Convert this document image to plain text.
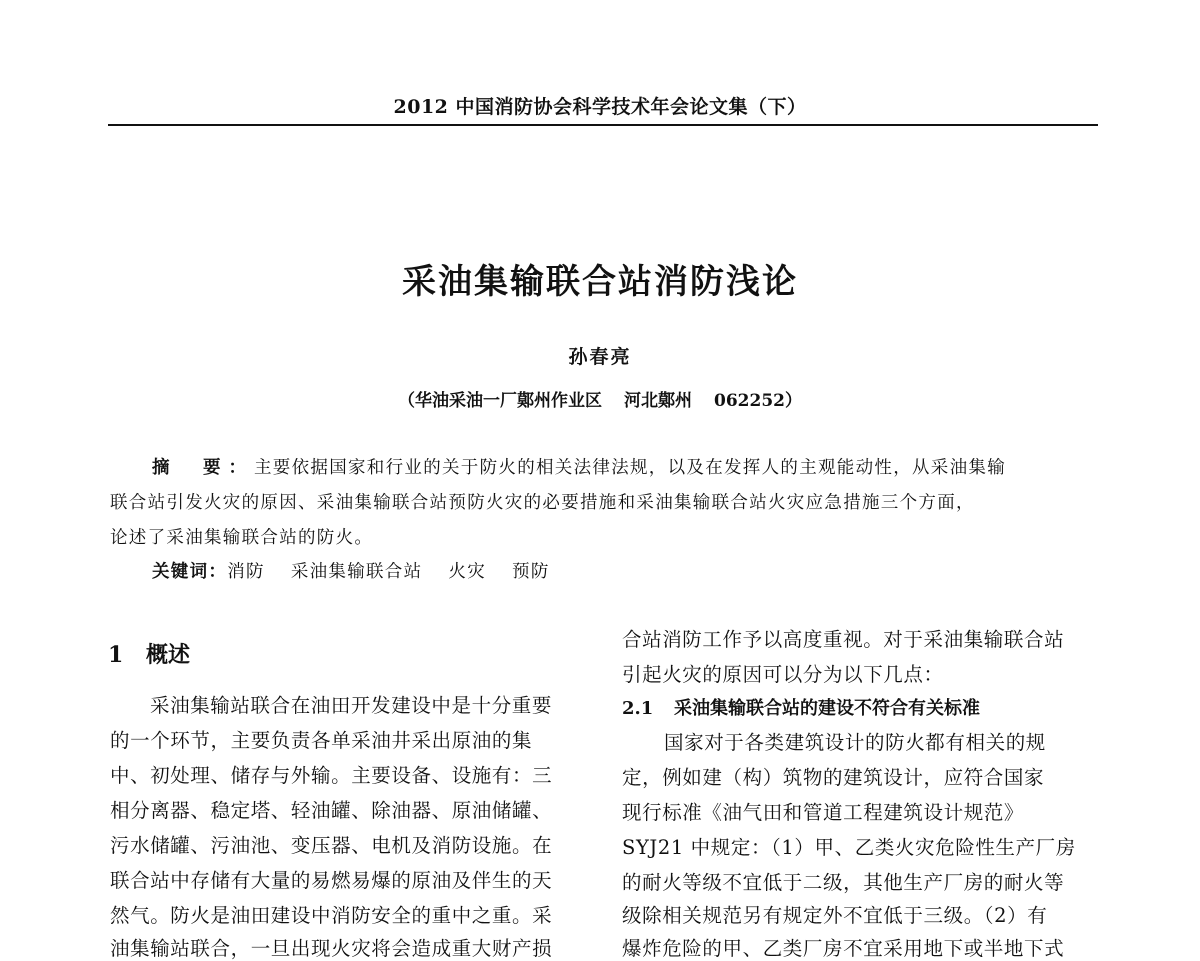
2012 中国消防协会科学技术年会论文集（下）
采油集输联合站消防浅论
孙春亮
（华油采油一厂鄚州作业区 河北鄚州 062252）
摘　要：主要依据国家和行业的关于防火的相关法律法规，以及在发挥人的主观能动性，从采油集输
联合站引发火灾的原因、采油集输联合站预防火灾的必要措施和采油集输联合站火灾应急措施三个方面，
论述了采油集输联合站的防火。
关键词：消防 采油集输联合站 火灾 预防
1 概述
采油集输站联合在油田开发建设中是十分重要
的一个环节，主要负责各单采油井采出原油的集
中、初处理、储存与外输。主要设备、设施有：三
相分离器、稳定塔、轻油罐、除油器、原油储罐、
污水储罐、污油池、变压器、电机及消防设施。在
联合站中存储有大量的易燃易爆的原油及伴生的天
然气。防火是油田建设中消防安全的重中之重。采
油集输站联合，一旦出现火灾将会造成重大财产损
合站消防工作予以高度重视。对于采油集输联合站
引起火灾的原因可以分为以下几点：
2.1 采油集输联合站的建设不符合有关标准
国家对于各类建筑设计的防火都有相关的规
定，例如建（构）筑物的建筑设计，应符合国家
现行标准《油气田和管道工程建筑设计规范》
SYJ21 中规定：（1）甲、乙类火灾危险性生产厂房
的耐火等级不宜低于二级，其他生产厂房的耐火等
级除相关规范另有规定外不宜低于三级。（2）有
爆炸危险的甲、乙类厂房不宜采用地下或半地下式
